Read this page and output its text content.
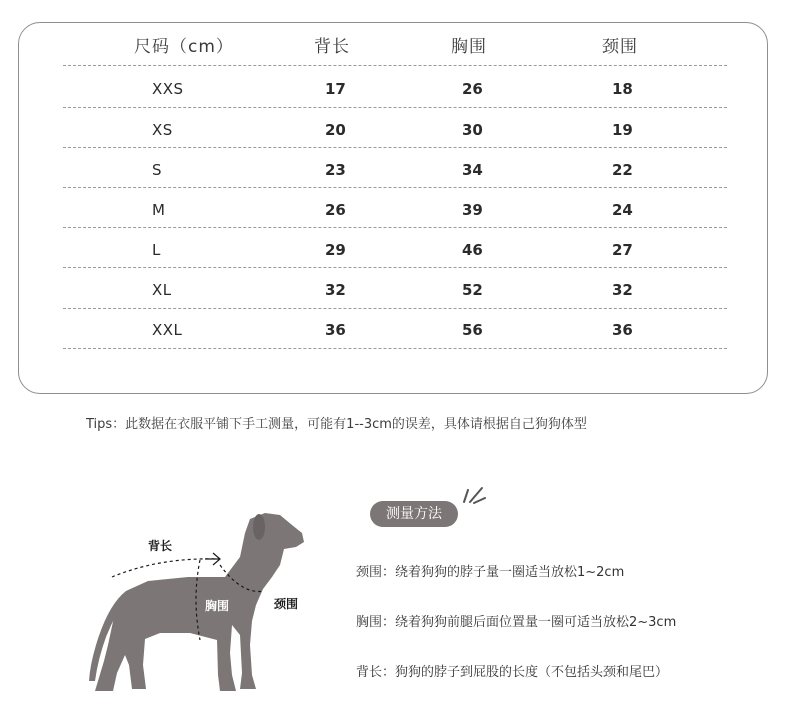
尺码（cm）	背长	胸围	颈围
XXS	17	26	18
XS	20	30	19
S	23	34	22
M	26	39	24
L	29	46	27
XL	32	52	32
XXL	36	56	36
Tips：此数据在衣服平铺下手工测量，可能有1--3cm的误差，具体请根据自己狗狗体型
背长
胸围	颈围
测量方法
颈围：绕着狗狗的脖子量一圈适当放松1~2cm
胸围：绕着狗狗前腿后面位置量一圈可适当放松2~3cm
背长：狗狗的脖子到屁股的长度（不包括头颈和尾巴）
